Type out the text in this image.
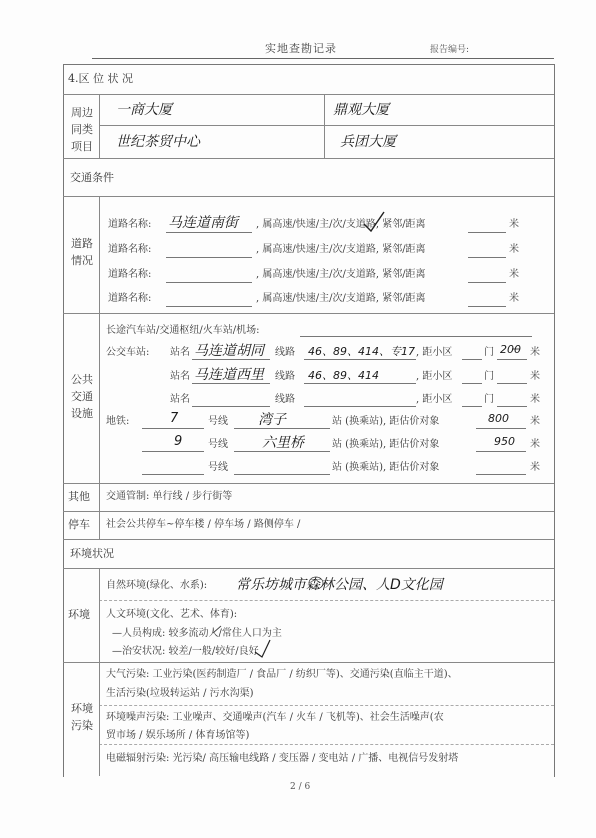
实地查勘记录	报告编号:
4.区 位 状 况
周边同类项目
一商大厦	鼎观大厦
世纪茶贸中心	兵团大厦
交通条件
道路情况
道路名称: 马连道南街 , 属高速/快速/主/次/支道路, 紧邻/距离	米
道路名称:	, 属高速/快速/主/次/支道路, 紧邻/距离	米
道路名称:	, 属高速/快速/主/次/支道路, 紧邻/距离	米
道路名称:	, 属高速/快速/主/次/支道路, 紧邻/距离	米
公共交通设施
长途汽车站/交通枢纽/火车站/机场:
公交车站: 站名 马连道胡同 线路 46、89、414、专17 , 距小区	门 200 米
站名 马连道西里 线路 46、89、414	, 距小区	门	米
站名	线路	, 距小区	门	米
地铁:	7	号线 湾子	站 (换乘站), 距估价对象	800 米
9	号线 六里桥	站 (换乘站), 距估价对象	950 米
号线	站 (换乘站), 距估价对象	米
其他 交通管制: 单行线 / 步行街等
停车 社会公共停车~停车楼 / 停车场 / 路侧停车 /
环境状况
环境
自然环境(绿化、水系): 常乐坊城市森林公园、人D文化园
人文环境(文化、艺术、体育):
—人员构成: 较多流动人/常住人口为主
—治安状况: 较差/一般/较好/良好
环境污染
大气污染: 工业污染(医药制造厂 / 食品厂 / 纺织厂等)、交通污染(直临主干道)、
生活污染(垃圾转运站 / 污水沟渠)
环境噪声污染: 工业噪声、交通噪声(汽车 / 火车 / 飞机等)、社会生活噪声(农
贸市场 / 娱乐场所 / 体育场馆等)
电磁辐射污染: 光污染/ 高压输电线路 / 变压器 / 变电站 / 广播、电视信号发射塔
2 / 6
